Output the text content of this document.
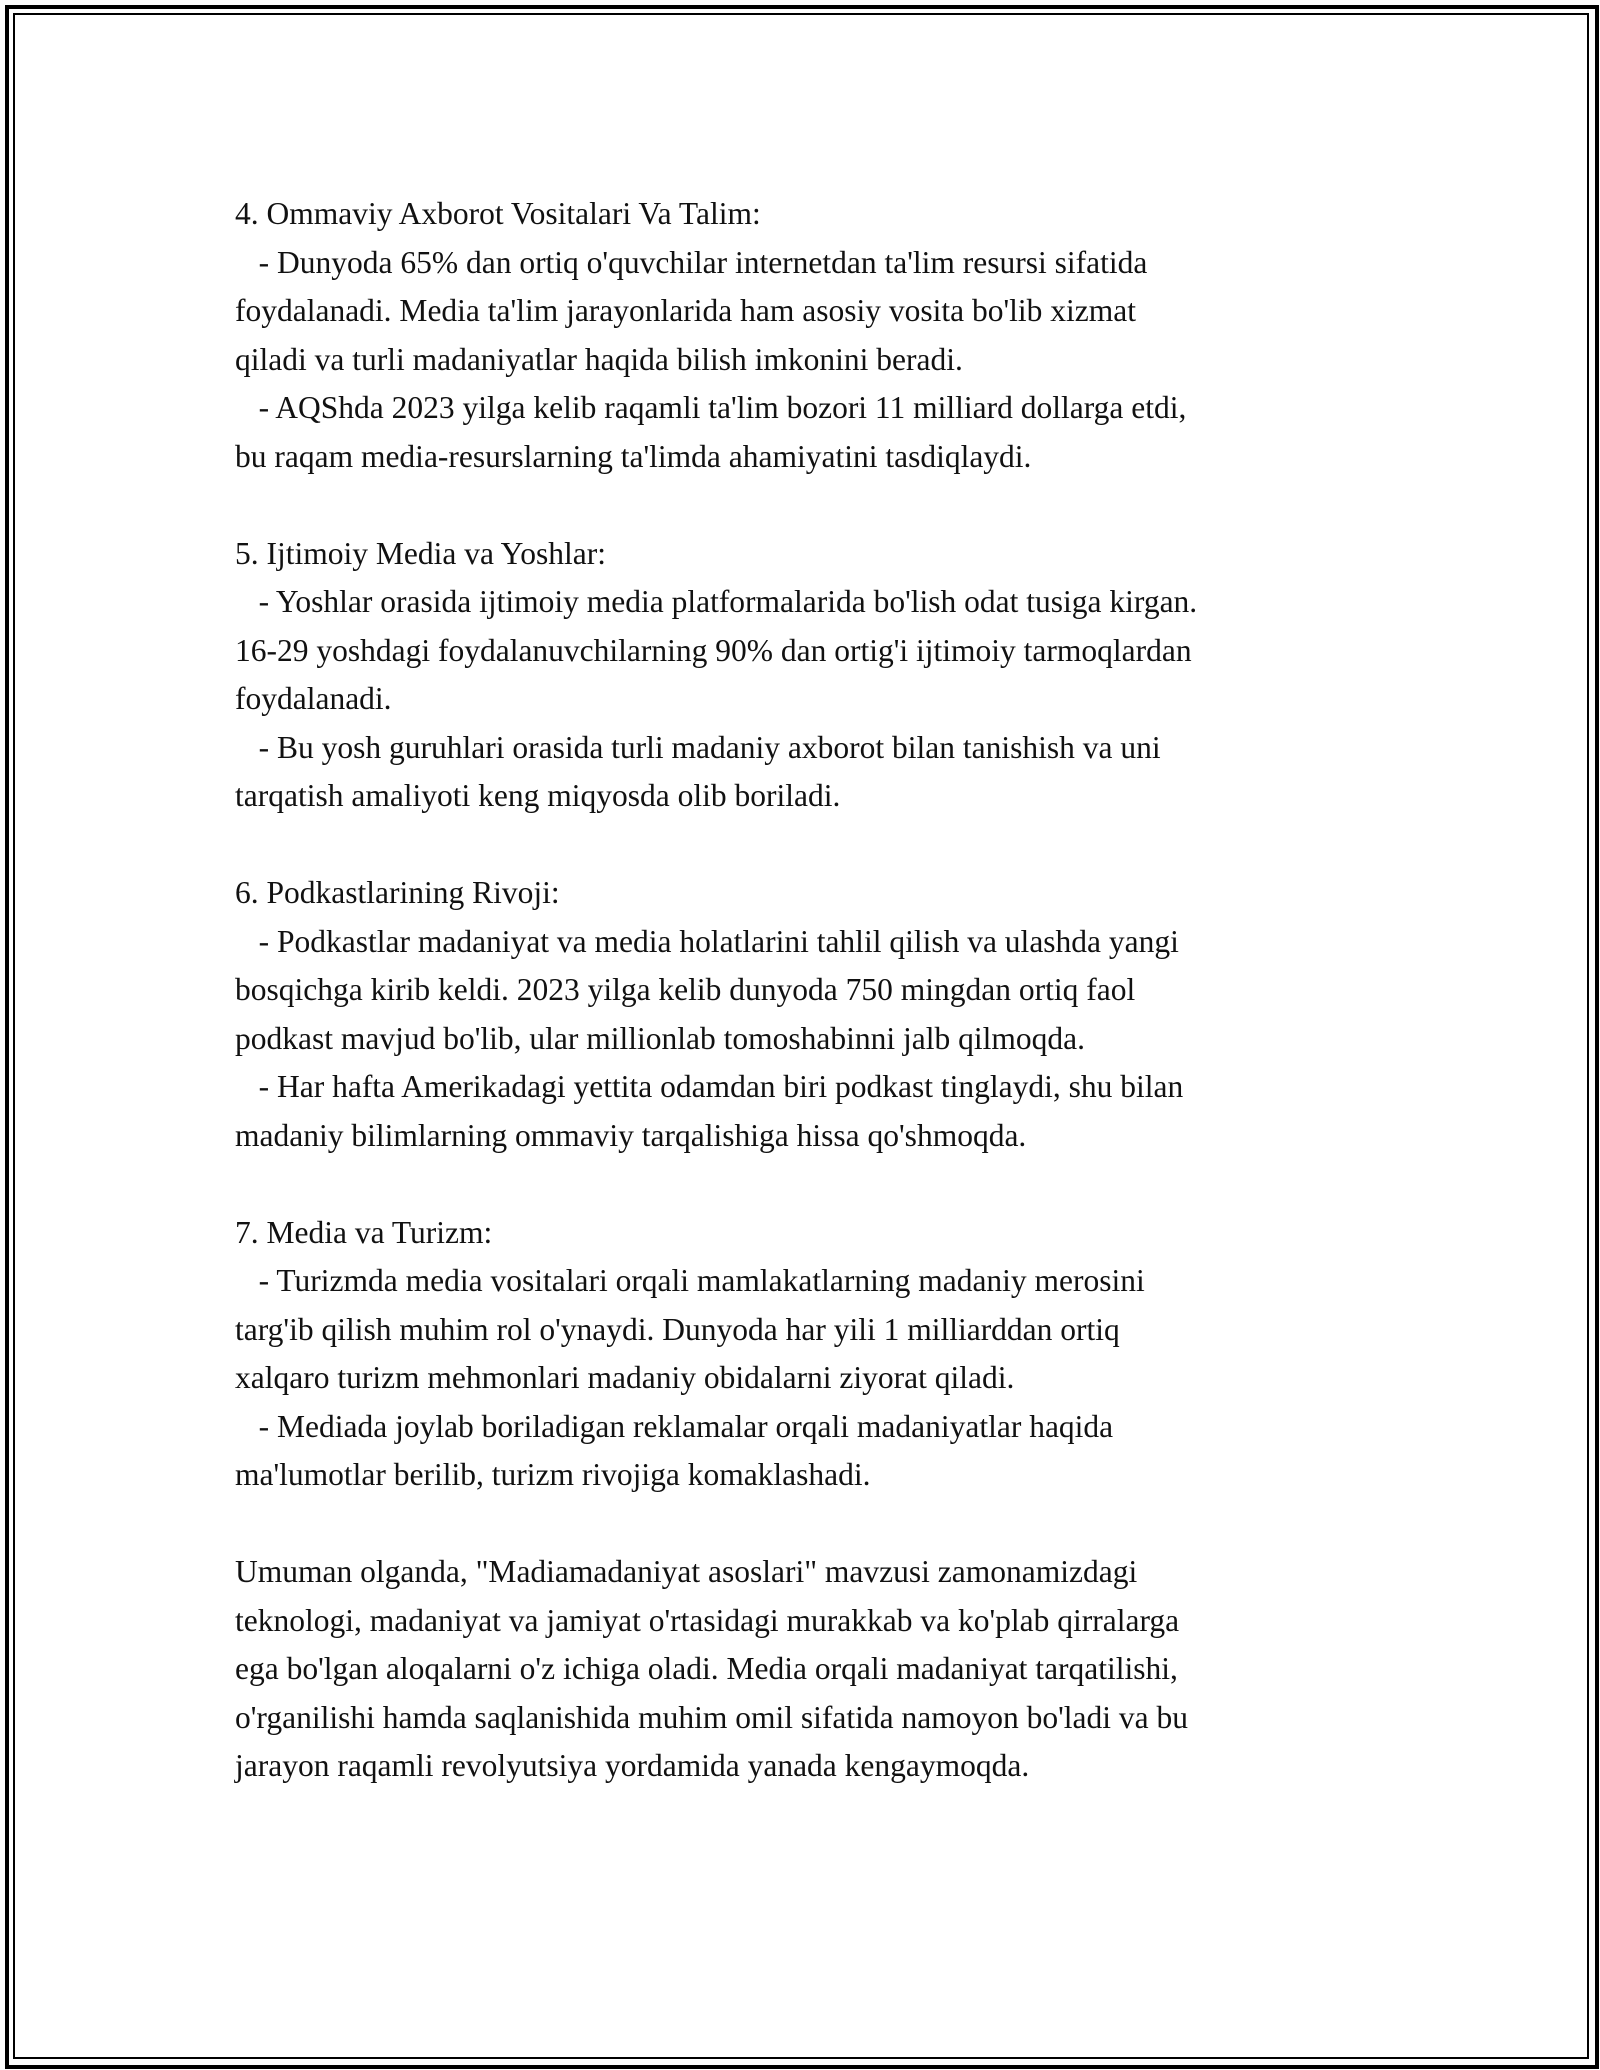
4. Ommaviy Axborot Vositalari Va Talim:
- Dunyoda 65% dan ortiq o'quvchilar internetdan ta'lim resursi sifatida
foydalanadi. Media ta'lim jarayonlarida ham asosiy vosita bo'lib xizmat
qiladi va turli madaniyatlar haqida bilish imkonini beradi.
- AQShda 2023 yilga kelib raqamli ta'lim bozori 11 milliard dollarga etdi,
bu raqam media-resurslarning ta'limda ahamiyatini tasdiqlaydi.
5. Ijtimoiy Media va Yoshlar:
- Yoshlar orasida ijtimoiy media platformalarida bo'lish odat tusiga kirgan.
16-29 yoshdagi foydalanuvchilarning 90% dan ortig'i ijtimoiy tarmoqlardan
foydalanadi.
- Bu yosh guruhlari orasida turli madaniy axborot bilan tanishish va uni
tarqatish amaliyoti keng miqyosda olib boriladi.
6. Podkastlarining Rivoji:
- Podkastlar madaniyat va media holatlarini tahlil qilish va ulashda yangi
bosqichga kirib keldi. 2023 yilga kelib dunyoda 750 mingdan ortiq faol
podkast mavjud bo'lib, ular millionlab tomoshabinni jalb qilmoqda.
- Har hafta Amerikadagi yettita odamdan biri podkast tinglaydi, shu bilan
madaniy bilimlarning ommaviy tarqalishiga hissa qo'shmoqda.
7. Media va Turizm:
- Turizmda media vositalari orqali mamlakatlarning madaniy merosini
targ'ib qilish muhim rol o'ynaydi. Dunyoda har yili 1 milliarddan ortiq
xalqaro turizm mehmonlari madaniy obidalarni ziyorat qiladi.
- Mediada joylab boriladigan reklamalar orqali madaniyatlar haqida
ma'lumotlar berilib, turizm rivojiga komaklashadi.
Umuman olganda, "Madiamadaniyat asoslari" mavzusi zamonamizdagi
teknologi, madaniyat va jamiyat o'rtasidagi murakkab va ko'plab qirralarga
ega bo'lgan aloqalarni o'z ichiga oladi. Media orqali madaniyat tarqatilishi,
o'rganilishi hamda saqlanishida muhim omil sifatida namoyon bo'ladi va bu
jarayon raqamli revolyutsiya yordamida yanada kengaymoqda.
